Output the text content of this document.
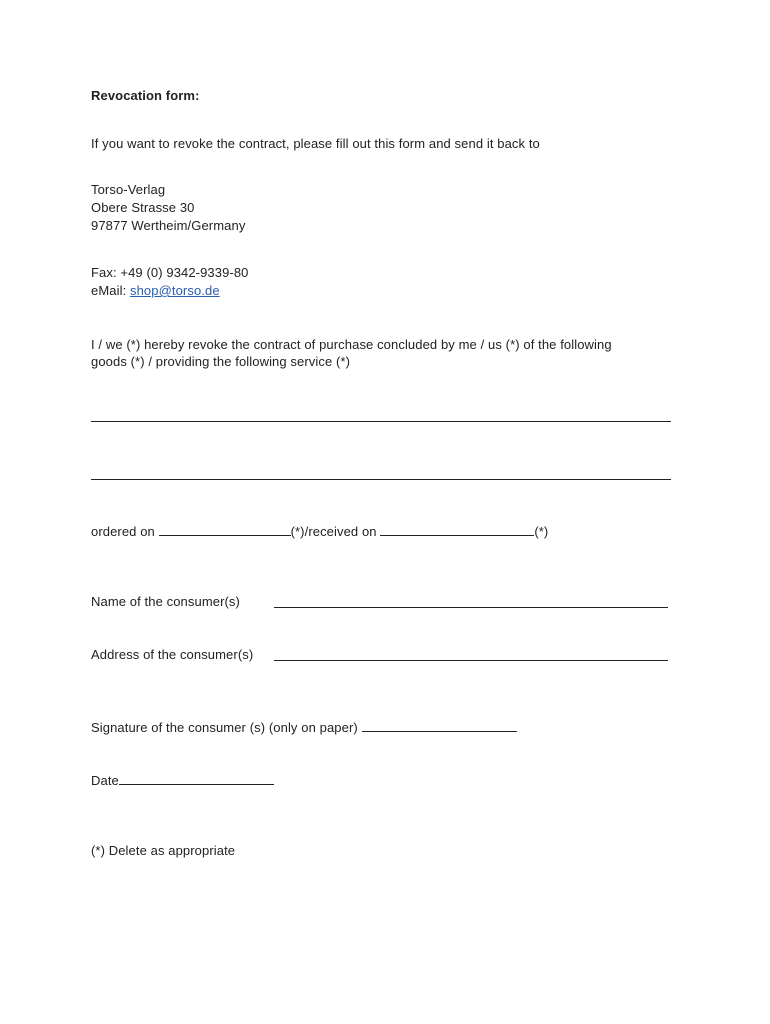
Revocation form:
If you want to revoke the contract, please fill out this form and send it back to
Torso-Verlag
Obere Strasse 30
97877 Wertheim/Germany
Fax: +49 (0) 9342-9339-80
eMail: shop@torso.de
I / we (*) hereby revoke the contract of purchase concluded by me / us (*) of the following
goods (*) / providing the following service (*)
ordered on	(*)/received on	(*)
Name of the consumer(s)
Address of the consumer(s)
Signature of the consumer (s) (only on paper)
Date
(*) Delete as appropriate
